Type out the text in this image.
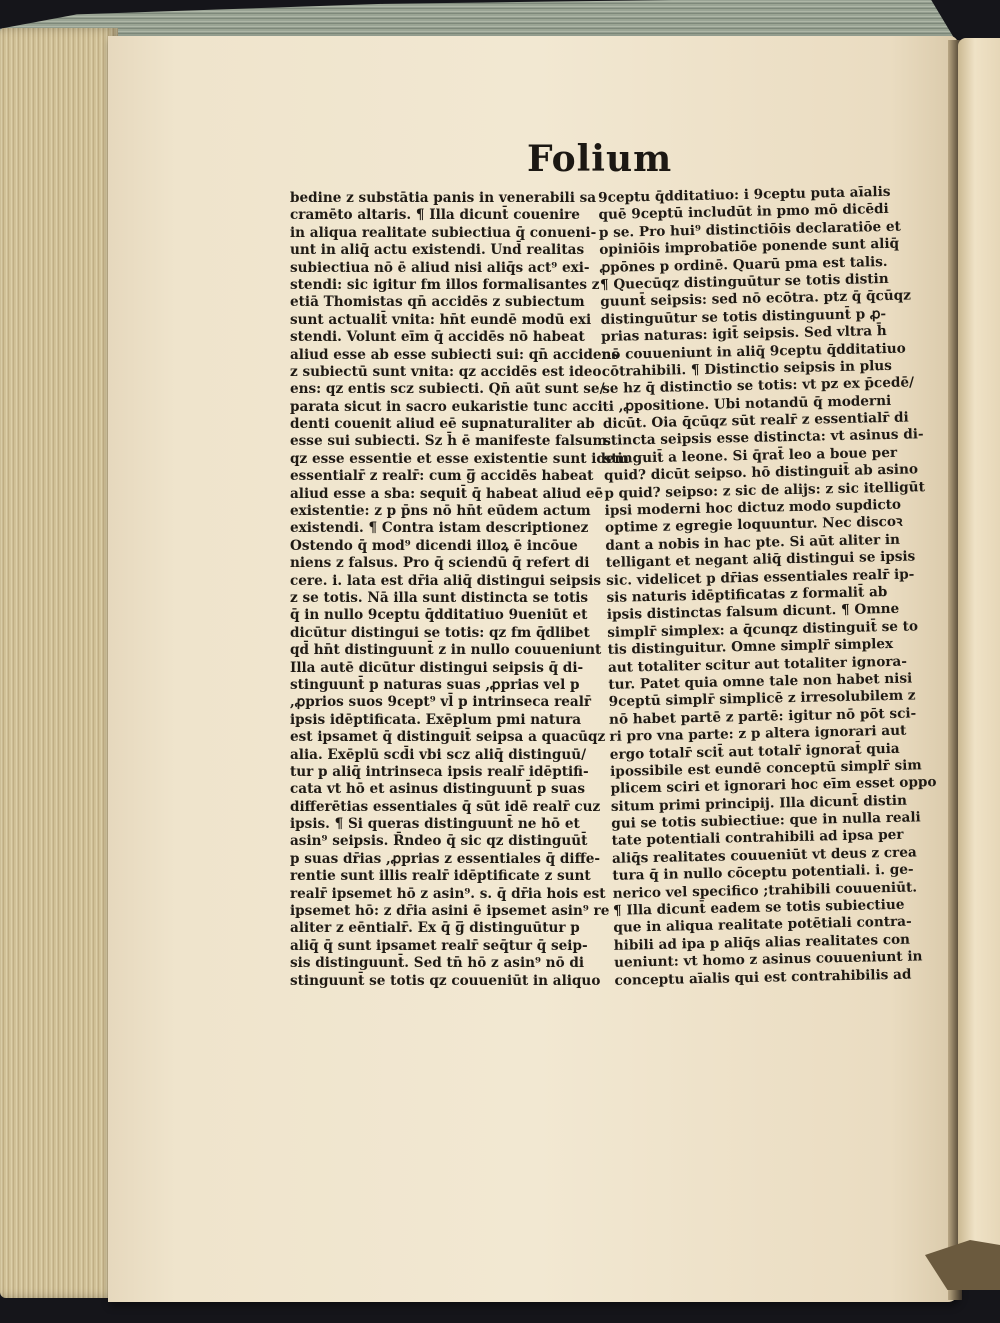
Folium
bedine z substātia panis in venerabili sa
cramēto altaris. ¶ Illa dicunt̄ couenire
in aliqua realitate subiectiua q̄ conueni-
unt in aliq̄ actu existendi. Und̄ realitas
subiectiua nō ē aliud nisi aliq̄s act⁹ exi-
stendi: sic igitur fm illos formalisantes z
etiā Thomistas qn̄ accidēs z subiectum
sunt actualit̄ vnita: hn̄t eundē modū exi
stendi. Volunt eīm q̄ accidēs nō habeat
aliud esse ab esse subiecti sui: qn̄ accidens
z subiectū sunt vnita: qz accidēs est ideo
ens: qz entis scz subiecti. Qn̄ aūt sunt se/
parata sicut in sacro eukaristie tunc acci
denti couenit aliud eē supnaturaliter ab
esse sui subiecti. Sz h̄ ē manifeste falsum
qz esse essentie et esse existentie sunt idem
essentialr̄ z realr̄: cum g̅ accidēs habeat
aliud esse a sba: sequit̄ q̄ habeat aliud eē
existentie: z p p̄ns nō hn̄t eūdem actum
existendi. ¶ Contra istam descriptionez
Ostendo q̄ mod⁹ dicendi illoꝝ ē incōue
niens z falsus. Pro q̄ sciendū q̄ refert di
cere. i. lata est dr̄ia aliq̄ distingui seipsis
z se totis. Nā illa sunt distincta se totis
q̄ in nullo 9ceptu q̄dditatiuo 9ueniūt et
dicūtur distingui se totis: qz fm q̄dlibet
qd̄ hn̄t distinguunt̄ z in nullo couueniunt
Illa autē dicūtur distingui seipsis q̄ di-
stinguunt̄ p naturas suas ,ꝓprias vel p
,ꝓprios suos 9cept⁹ vl̄ p intrinseca realr̄
ipsis idēptificata. Exēplum pmi natura
est ipsamet q̄ distinguit̄ seipsa a quacūqz
alia. Exēplū scd̄i vbi scz aliq̄ distinguū/
tur p aliq̄ intrinseca ipsis realr̄ idēptifi-
cata vt hō et asinus distinguunt̄ p suas
differētias essentiales q̄ sūt idē realr̄ cuz
ipsis. ¶ Si queras distinguunt̄ ne hō et
asin⁹ seipsis. R̄ndeo q̄ sic qz distinguūt̄
p suas dr̄ias ,ꝓprias z essentiales q̄ diffe-
rentie sunt illis realr̄ idēptificate z sunt
realr̄ ipsemet hō z asin⁹. s. q̄ dr̄ia hois est
ipsemet hō: z dr̄ia asini ē ipsemet asin⁹ re
aliter z eēntialr̄. Ex q̄ g̅ distinguūtur p
aliq̄ q̄ sunt ipsamet realr̄ seq̄tur q̄ seip-
sis distinguunt̄. Sed tn̄ hō z asin⁹ nō di
stinguunt̄ se totis qz couueniūt in aliquo
9ceptu q̄dditatiuo: i 9ceptu puta aīalis
quē 9ceptū includūt in pmo mō dicēdi
p se. Pro hui⁹ distinctiōis declaratiōe et
opiniōis improbatiōe ponende sunt aliq̄
ꝓpōnes p ordinē. Quarū pma est talis.
¶ Quecūqz distinguūtur se totis distin
guunt̄ seipsis: sed nō ecōtra. ptz q̄ q̄cūqz
distinguūtur se totis distinguunt̄ p ꝓ-
prias naturas: igit̄ seipsis. Sed vltra h̄
nō couueniunt in aliq̄ 9ceptu q̄dditatiuo
cōtrahibili. ¶ Distinctio seipsis in plus
se hz q̄ distinctio se totis: vt pz ex p̄cedē/
ti ,ꝓpositione. Ubi notandū q̄ moderni
dicūt. Oia q̄cūqz sūt realr̄ z essentialr̄ di
stincta seipsis esse distincta: vt asinus di-
stinguit̄ a leone. Si q̄rat̄ leo a boue per
quid? dicūt seipso. hō distinguit̄ ab asino
p quid? seipso: z sic de alijs: z sic itelligūt
ipsi moderni hoc dictuz modo supdicto
optime z egregie loquuntur. Nec discoꝛ
dant a nobis in hac pte. Si aūt aliter in
telligant et negant aliq̄ distingui se ipsis
sic. videlicet p dr̄ias essentiales realr̄ ip-
sis naturis idēptificatas z formalit̄ ab
ipsis distinctas falsum dicunt. ¶ Omne
simplr̄ simplex: a q̄cunqz distinguit̄ se to
tis distinguitur. Omne simplr̄ simplex
aut totaliter scitur aut totaliter ignora-
tur. Patet quia omne tale non habet nisi
9ceptū simplr̄ simplicē z irresolubilem z
nō habet partē z partē: igitur nō pōt sci-
ri pro vna parte: z p altera ignorari aut
ergo totalr̄ scit̄ aut totalr̄ ignorat̄ quia
ipossibile est eundē conceptū simplr̄ sim
plicem sciri et ignorari hoc eīm esset oppo
situm primi principij. Illa dicunt̄ distin
gui se totis subiectiue: que in nulla reali
tate potentiali contrahibili ad ipsa per
aliq̄s realitates couueniūt vt deus z crea
tura q̄ in nullo cōceptu potentiali. i. ge-
nerico vel specifico ;trahibili couueniūt.
¶ Illa dicunt̄ eadem se totis subiectiue
que in aliqua realitate potētiali contra-
hibili ad ipa p aliq̄s alias realitates con
ueniunt: vt homo z asinus couueniunt in
conceptu aīalis qui est contrahibilis ad
